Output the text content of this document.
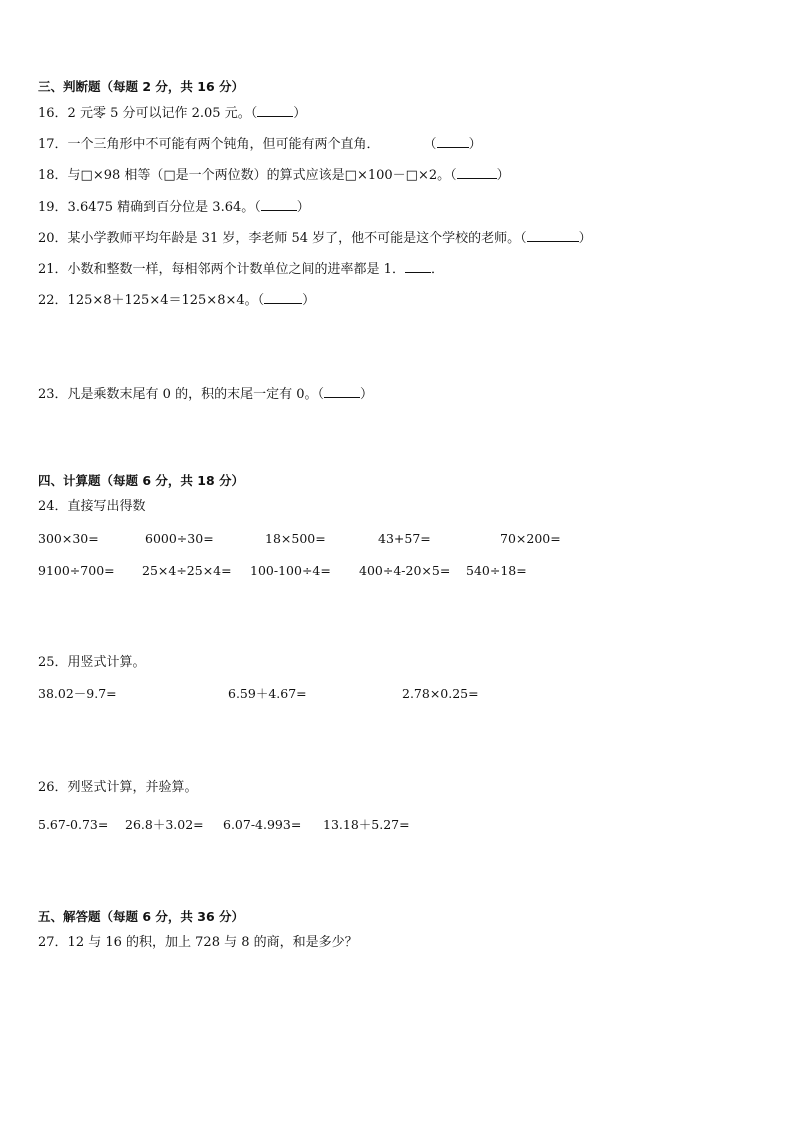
三、判断题（每题 2 分，共 16 分）
16．2 元零 5 分可以记作 2.05 元。（	）
17．一个三角形中不可能有两个钝角，但可能有两个直角．	（ ）
18．与□×98 相等（□是一个两位数）的算式应该是□×100－□×2。（	）
19．3.6475 精确到百分位是 3.64。（	）
20．某小学教师平均年龄是 31 岁，李老师 54 岁了，他不可能是这个学校的老师。（	）
21．小数和整数一样，每相邻两个计数单位之间的进率都是 1． ．
22．125×8＋125×4＝125×8×4。（	）
23．凡是乘数末尾有 0 的，积的末尾一定有 0。（	）
四、计算题（每题 6 分，共 18 分）
24．直接写出得数
300×30=	6000÷30=	18×500=	43+57=	70×200=
9100÷700= 25×4÷25×4= 100-100÷4= 400÷4-20×5= 540÷18=
25．用竖式计算。
38.02－9.7=	6.59＋4.67=	2.78×0.25=
26．列竖式计算，并验算。
5.67-0.73= 26.8＋3.02= 6.07-4.993= 13.18＋5.27=
五、解答题（每题 6 分，共 36 分）
27．12 与 16 的积，加上 728 与 8 的商，和是多少？
